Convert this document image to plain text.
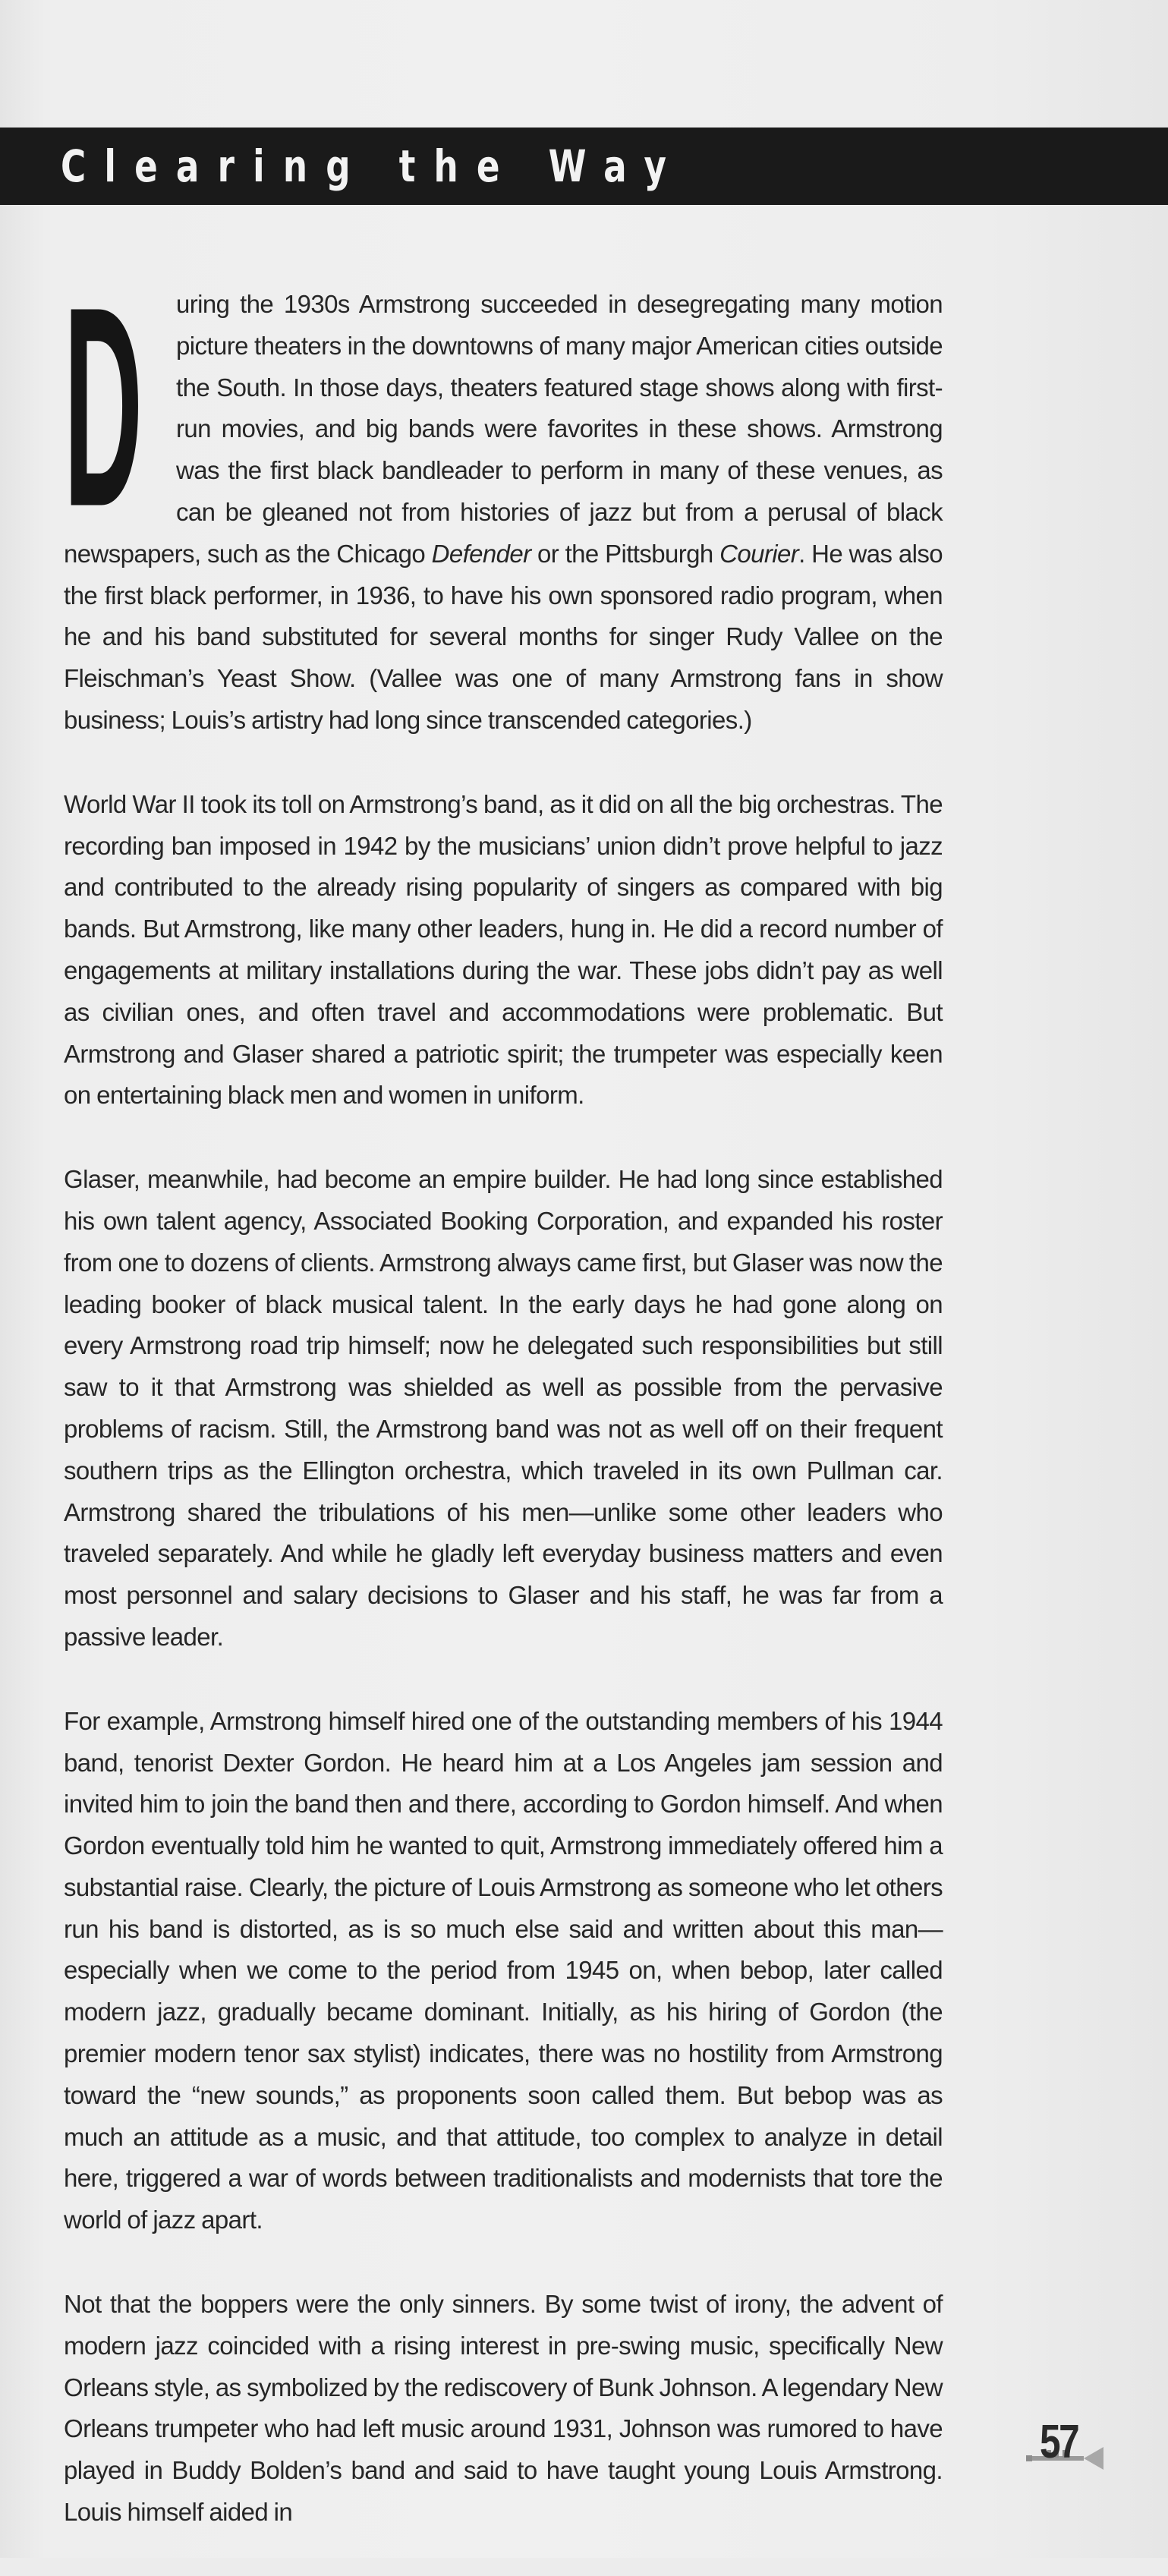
Clearing the Way

D uring the 1930s Armstrong succeeded in desegregating many motion picture theaters in the downtowns of many major American cities outside the South. In those days, theaters featured stage shows along with first-run movies, and big bands were favorites in these shows. Armstrong was the first black bandleader to perform in many of these venues, as can be gleaned not from histories of jazz but from a perusal of black newspapers, such as the Chicago Defender or the Pittsburgh Courier. He was also the first black performer, in 1936, to have his own sponsored radio program, when he and his band substituted for several months for singer Rudy Vallee on the Fleischman’s Yeast Show. (Vallee was one of many Armstrong fans in show business; Louis’s artistry had long since transcended categories.)

World War II took its toll on Armstrong’s band, as it did on all the big orchestras. The recording ban imposed in 1942 by the musicians’ union didn’t prove helpful to jazz and contributed to the already rising popularity of singers as compared with big bands. But Armstrong, like many other leaders, hung in. He did a record number of engagements at military installations during the war. These jobs didn’t pay as well as civilian ones, and often travel and accommodations were problematic. But Armstrong and Glaser shared a patriotic spirit; the trumpeter was especially keen on entertaining black men and women in uniform.

Glaser, meanwhile, had become an empire builder. He had long since established his own talent agency, Associated Booking Corporation, and expanded his roster from one to dozens of clients. Armstrong always came first, but Glaser was now the leading booker of black musical talent. In the early days he had gone along on every Armstrong road trip himself; now he delegated such responsibilities but still saw to it that Armstrong was shielded as well as possible from the pervasive problems of racism. Still, the Armstrong band was not as well off on their frequent southern trips as the Ellington orchestra, which traveled in its own Pullman car. Armstrong shared the tribulations of his men—unlike some other leaders who traveled separately. And while he gladly left everyday business matters and even most personnel and salary decisions to Glaser and his staff, he was far from a passive leader.

For example, Armstrong himself hired one of the outstanding members of his 1944 band, tenorist Dexter Gordon. He heard him at a Los Angeles jam session and invited him to join the band then and there, according to Gordon himself. And when Gordon eventually told him he wanted to quit, Armstrong immediately offered him a substantial raise. Clearly, the picture of Louis Armstrong as someone who let others run his band is distorted, as is so much else said and written about this man—especially when we come to the period from 1945 on, when bebop, later called modern jazz, gradually became dominant. Initially, as his hiring of Gordon (the premier modern tenor sax stylist) indicates, there was no hostility from Armstrong toward the “new sounds,” as proponents soon called them. But bebop was as much an attitude as a music, and that attitude, too complex to analyze in detail here, triggered a war of words between traditionalists and modernists that tore the world of jazz apart.

Not that the boppers were the only sinners. By some twist of irony, the advent of modern jazz coincided with a rising interest in pre-swing music, specifically New Orleans style, as symbolized by the rediscovery of Bunk Johnson. A legendary New Orleans trumpeter who had left music around 1931, Johnson was rumored to have played in Buddy Bolden’s band and said to have taught young Louis Armstrong. Louis himself aided in

57
